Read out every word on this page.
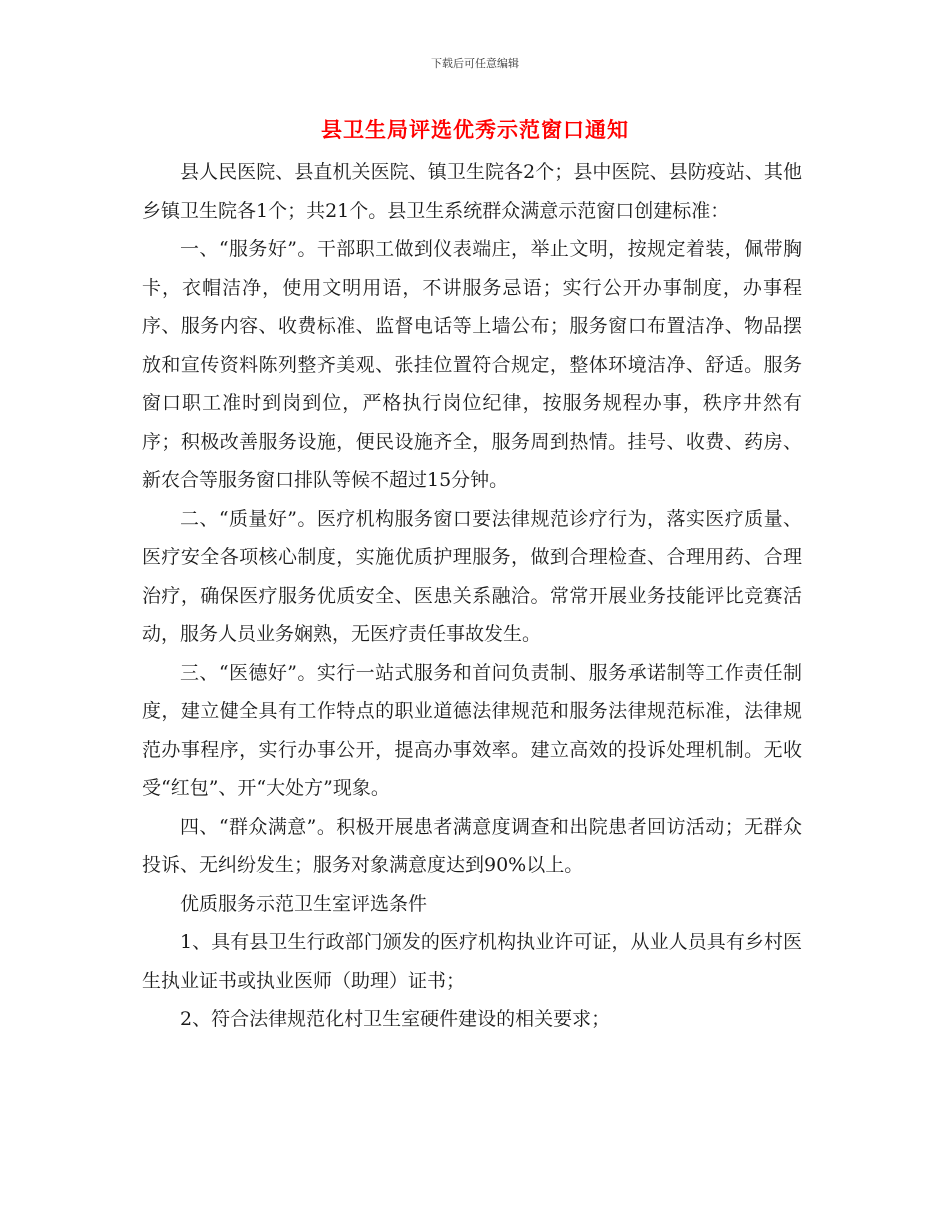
下载后可任意编辑
县卫生局评选优秀示范窗口通知

县人民医院、县直机关医院、镇卫生院各2个；县中医院、县防疫站、其他乡镇卫生院各1个；共21个。县卫生系统群众满意示范窗口创建标准：

一、“服务好”。干部职工做到仪表端庄，举止文明，按规定着装，佩带胸卡，衣帽洁净，使用文明用语，不讲服务忌语；实行公开办事制度，办事程序、服务内容、收费标准、监督电话等上墙公布；服务窗口布置洁净、物品摆放和宣传资料陈列整齐美观、张挂位置符合规定，整体环境洁净、舒适。服务窗口职工准时到岗到位，严格执行岗位纪律，按服务规程办事，秩序井然有序；积极改善服务设施，便民设施齐全，服务周到热情。挂号、收费、药房、新农合等服务窗口排队等候不超过15分钟。

二、“质量好”。医疗机构服务窗口要法律规范诊疗行为，落实医疗质量、医疗安全各项核心制度，实施优质护理服务，做到合理检查、合理用药、合理治疗，确保医疗服务优质安全、医患关系融洽。常常开展业务技能评比竞赛活动，服务人员业务娴熟，无医疗责任事故发生。

三、“医德好”。实行一站式服务和首问负责制、服务承诺制等工作责任制度，建立健全具有工作特点的职业道德法律规范和服务法律规范标准，法律规范办事程序，实行办事公开，提高办事效率。建立高效的投诉处理机制。无收受“红包”、开“大处方”现象。

四、“群众满意”。积极开展患者满意度调查和出院患者回访活动；无群众投诉、无纠纷发生；服务对象满意度达到90%以上。

优质服务示范卫生室评选条件

1、具有县卫生行政部门颁发的医疗机构执业许可证，从业人员具有乡村医生执业证书或执业医师（助理）证书；

2、符合法律规范化村卫生室硬件建设的相关要求；
